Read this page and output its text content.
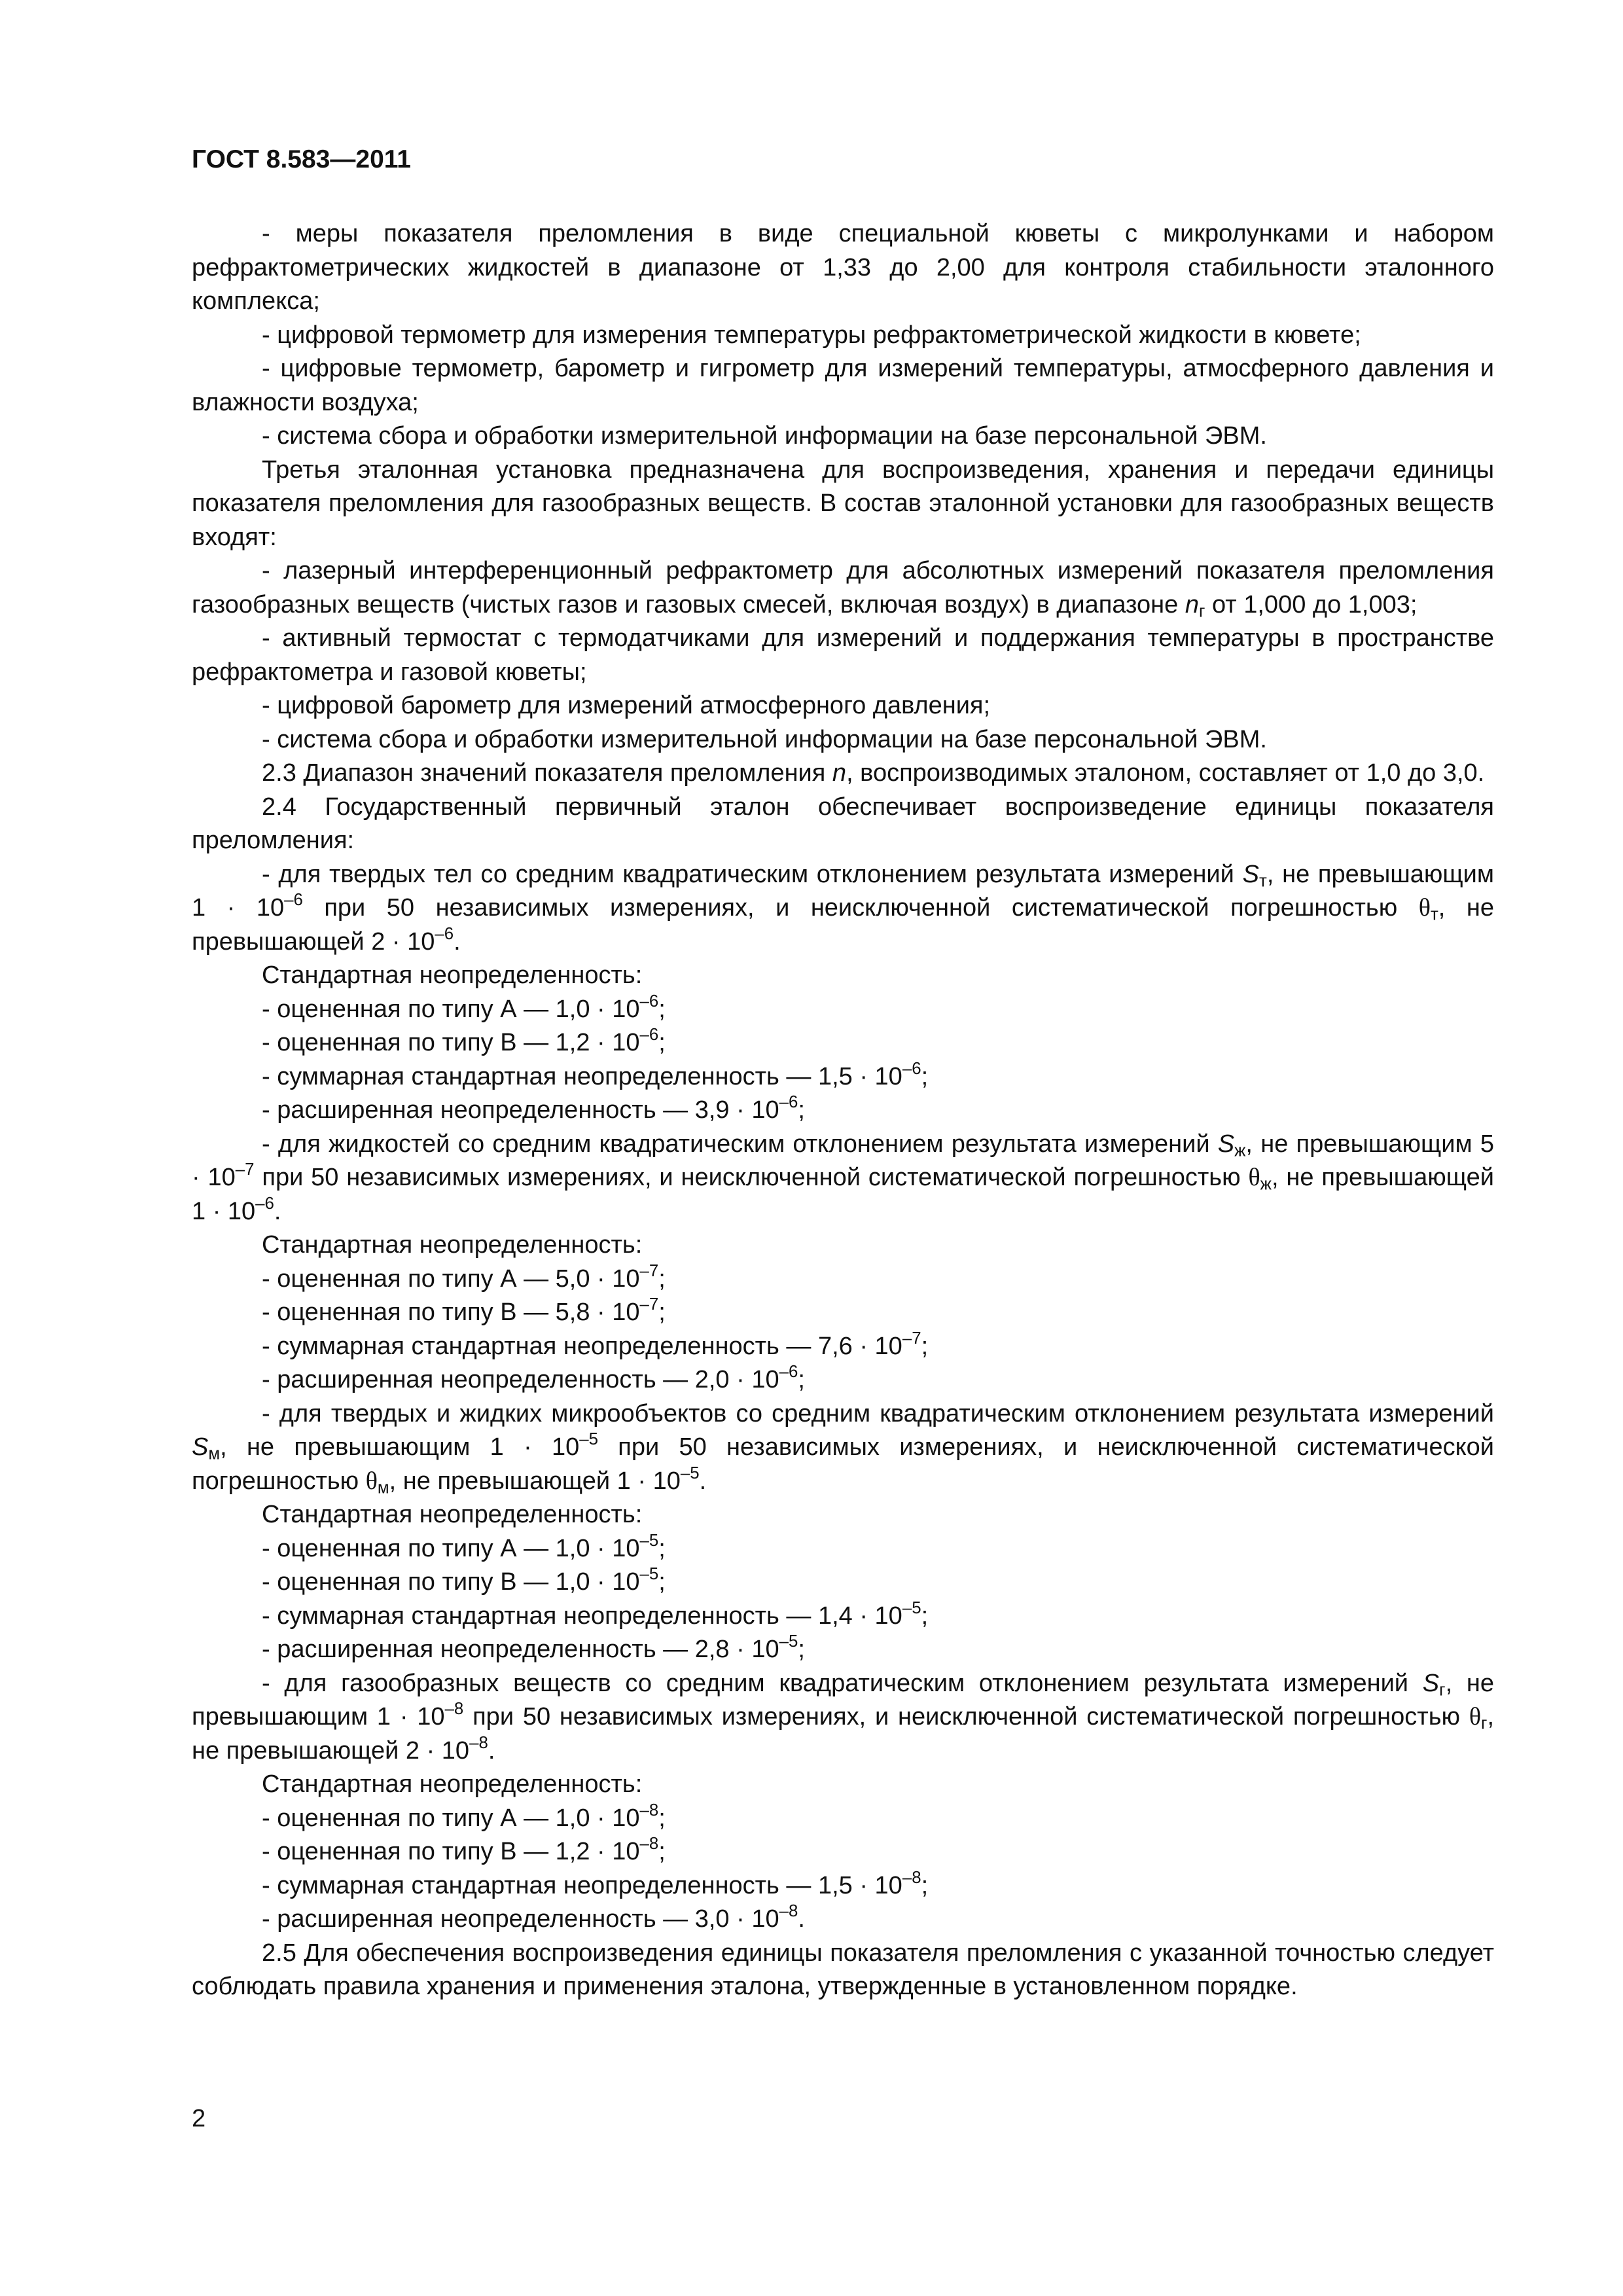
ГОСТ 8.583—2011

- меры показателя преломления в виде специальной кюветы с микролунками и набором рефрактометрических жидкостей в диапазоне от 1,33 до 2,00 для контроля стабильности эталонного комплекса;

- цифровой термометр для измерения температуры рефрактометрической жидкости в кювете;

- цифровые термометр, барометр и гигрометр для измерений температуры, атмосферного давления и влажности воздуха;

- система сбора и обработки измерительной информации на базе персональной ЭВМ.

Третья эталонная установка предназначена для воспроизведения, хранения и передачи единицы показателя преломления для газообразных веществ. В состав эталонной установки для газообразных веществ входят:

- лазерный интерференционный рефрактометр для абсолютных измерений показателя преломления газообразных веществ (чистых газов и газовых смесей, включая воздух) в диапазоне $n_г$ от 1,000 до 1,003;

- активный термостат с термодатчиками для измерений и поддержания температуры в пространстве рефрактометра и газовой кюветы;

- цифровой барометр для измерений атмосферного давления;

- система сбора и обработки измерительной информации на базе персональной ЭВМ.

2.3 Диапазон значений показателя преломления n, воспроизводимых эталоном, составляет от 1,0 до 3,0.

2.4 Государственный первичный эталон обеспечивает воспроизведение единицы показателя преломления:

- для твердых тел со средним квадратическим отклонением результата измерений $S_т$, не превышающим $1 \cdot 10^{-6}$ при 50 независимых измерениях, и неисключенной систематической погрешностью $\theta_т$, не превышающей $2 \cdot 10^{-6}$.

Стандартная неопределенность:

- оцененная по типу А — $1,0 \cdot 10^{-6}$;

- оцененная по типу В — $1,2 \cdot 10^{-6}$;

- суммарная стандартная неопределенность — $1,5 \cdot 10^{-6}$;

- расширенная неопределенность — $3,9 \cdot 10^{-6}$;

- для жидкостей со средним квадратическим отклонением результата измерений $S_ж$, не превышающим $5 \cdot 10^{-7}$ при 50 независимых измерениях, и неисключенной систематической погрешностью $\theta_ж$, не превышающей $1 \cdot 10^{-6}$.

Стандартная неопределенность:

- оцененная по типу А — $5,0 \cdot 10^{-7}$;

- оцененная по типу В — $5,8 \cdot 10^{-7}$;

- суммарная стандартная неопределенность — $7,6 \cdot 10^{-7}$;

- расширенная неопределенность — $2,0 \cdot 10^{-6}$;

- для твердых и жидких микрообъектов со средним квадратическим отклонением результата измерений $S_м$, не превышающим $1 \cdot 10^{-5}$ при 50 независимых измерениях, и неисключенной систематической погрешностью $\theta_м$, не превышающей $1 \cdot 10^{-5}$.

Стандартная неопределенность:

- оцененная по типу А — $1,0 \cdot 10^{-5}$;

- оцененная по типу В — $1,0 \cdot 10^{-5}$;

- суммарная стандартная неопределенность — $1,4 \cdot 10^{-5}$;

- расширенная неопределенность — $2,8 \cdot 10^{-5}$;

- для газообразных веществ со средним квадратическим отклонением результата измерений $S_г$, не превышающим $1 \cdot 10^{-8}$ при 50 независимых измерениях, и неисключенной систематической погрешностью $\theta_г$, не превышающей $2 \cdot 10^{-8}$.

Стандартная неопределенность:

- оцененная по типу А — $1,0 \cdot 10^{-8}$;

- оцененная по типу В — $1,2 \cdot 10^{-8}$;

- суммарная стандартная неопределенность — $1,5 \cdot 10^{-8}$;

- расширенная неопределенность — $3,0 \cdot 10^{-8}$.

2.5 Для обеспечения воспроизведения единицы показателя преломления с указанной точностью следует соблюдать правила хранения и применения эталона, утвержденные в установленном порядке.

2
